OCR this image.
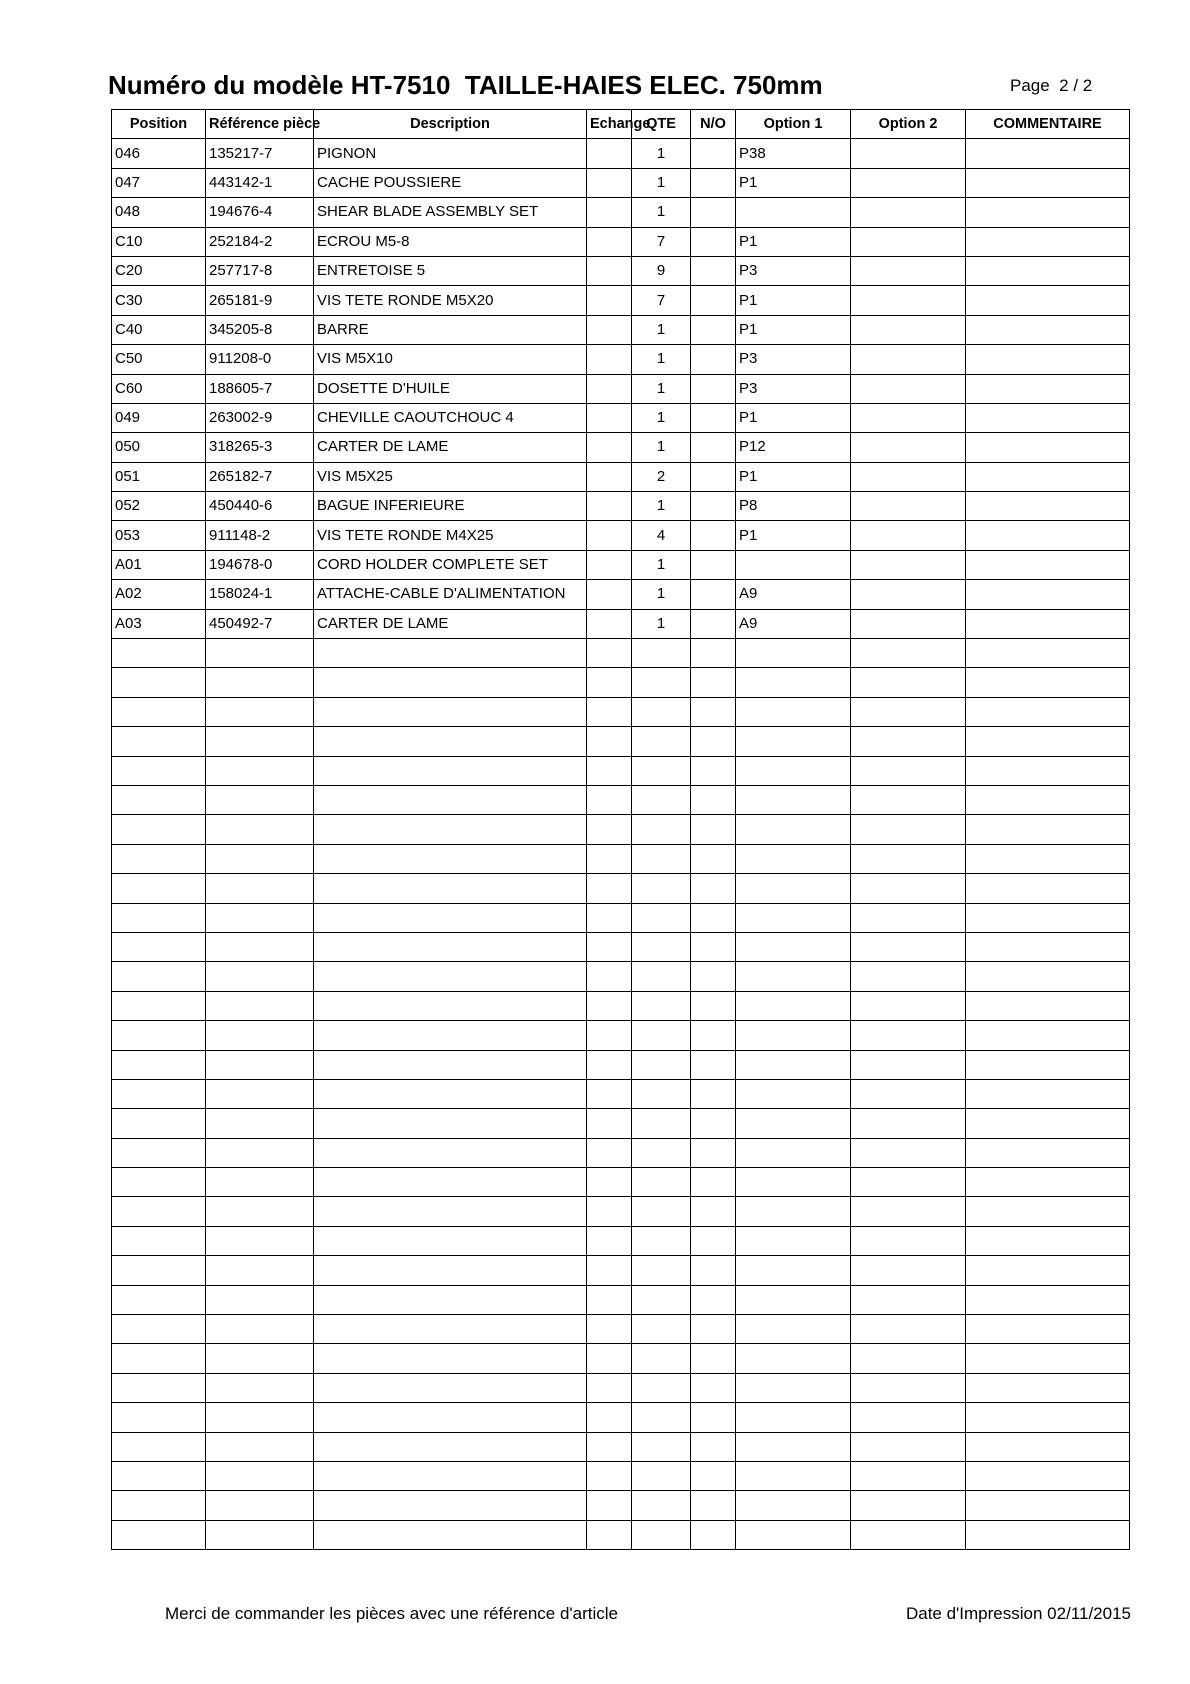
Numéro du modèle HT-7510  TAILLE-HAIES ELEC. 750mm	Page  2 / 2
Position	Référence pièce	Description	Echange	QTE	N/O	Option 1	Option 2	COMMENTAIRE
046	135217-7	PIGNON		1		P38		
047	443142-1	CACHE POUSSIERE		1		P1		
048	194676-4	SHEAR BLADE ASSEMBLY SET		1				
C10	252184-2	ECROU M5-8		7		P1		
C20	257717-8	ENTRETOISE 5		9		P3		
C30	265181-9	VIS TETE RONDE M5X20		7		P1		
C40	345205-8	BARRE		1		P1		
C50	911208-0	VIS M5X10		1		P3		
C60	188605-7	DOSETTE D'HUILE		1		P3		
049	263002-9	CHEVILLE CAOUTCHOUC 4		1		P1		
050	318265-3	CARTER DE LAME		1		P12		
051	265182-7	VIS M5X25		2		P1		
052	450440-6	BAGUE INFERIEURE		1		P8		
053	911148-2	VIS TETE RONDE M4X25		4		P1		
A01	194678-0	CORD HOLDER COMPLETE SET		1				
A02	158024-1	ATTACHE-CABLE D'ALIMENTATION		1		A9		
A03	450492-7	CARTER DE LAME		1		A9		

Merci de commander les pièces avec une référence d'article	Date d'Impression 02/11/2015
